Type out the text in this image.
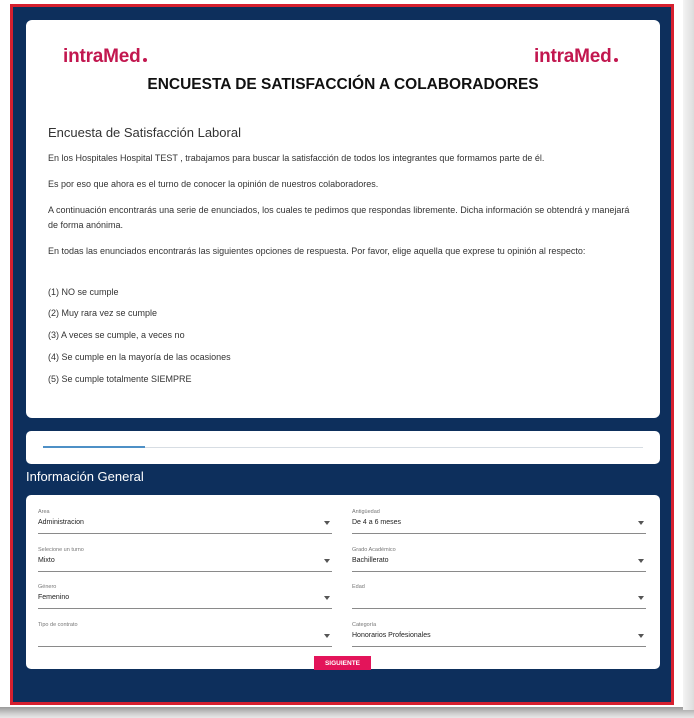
intraMed	intraMed
ENCUESTA DE SATISFACCIÓN A COLABORADORES
Encuesta de Satisfacción Laboral
En los Hospitales Hospital TEST , trabajamos para buscar la satisfacción de todos los integrantes que formamos parte de él.
Es por eso que ahora es el turno de conocer la opinión de nuestros colaboradores.
A continuación encontrarás una serie de enunciados, los cuales te pedimos que respondas libremente. Dicha información se obtendrá y manejará de forma anónima.
En todas las enunciados encontrarás las siguientes opciones de respuesta. Por favor, elige aquella que exprese tu opinión al respecto:
(1) NO se cumple
(2) Muy rara vez se cumple
(3) A veces se cumple, a veces no
(4) Se cumple en la mayoría de las ocasiones
(5) Se cumple totalmente SIEMPRE
Información General
Area
Administracion
Antigüedad
De 4 a 6 meses
Selecione un turno
Mixto
Grado Académico
Bachillerato
Género
Femenino
Edad
Tipo de contrato	Categoría
Honorarios Profesionales
SIGUIENTE
